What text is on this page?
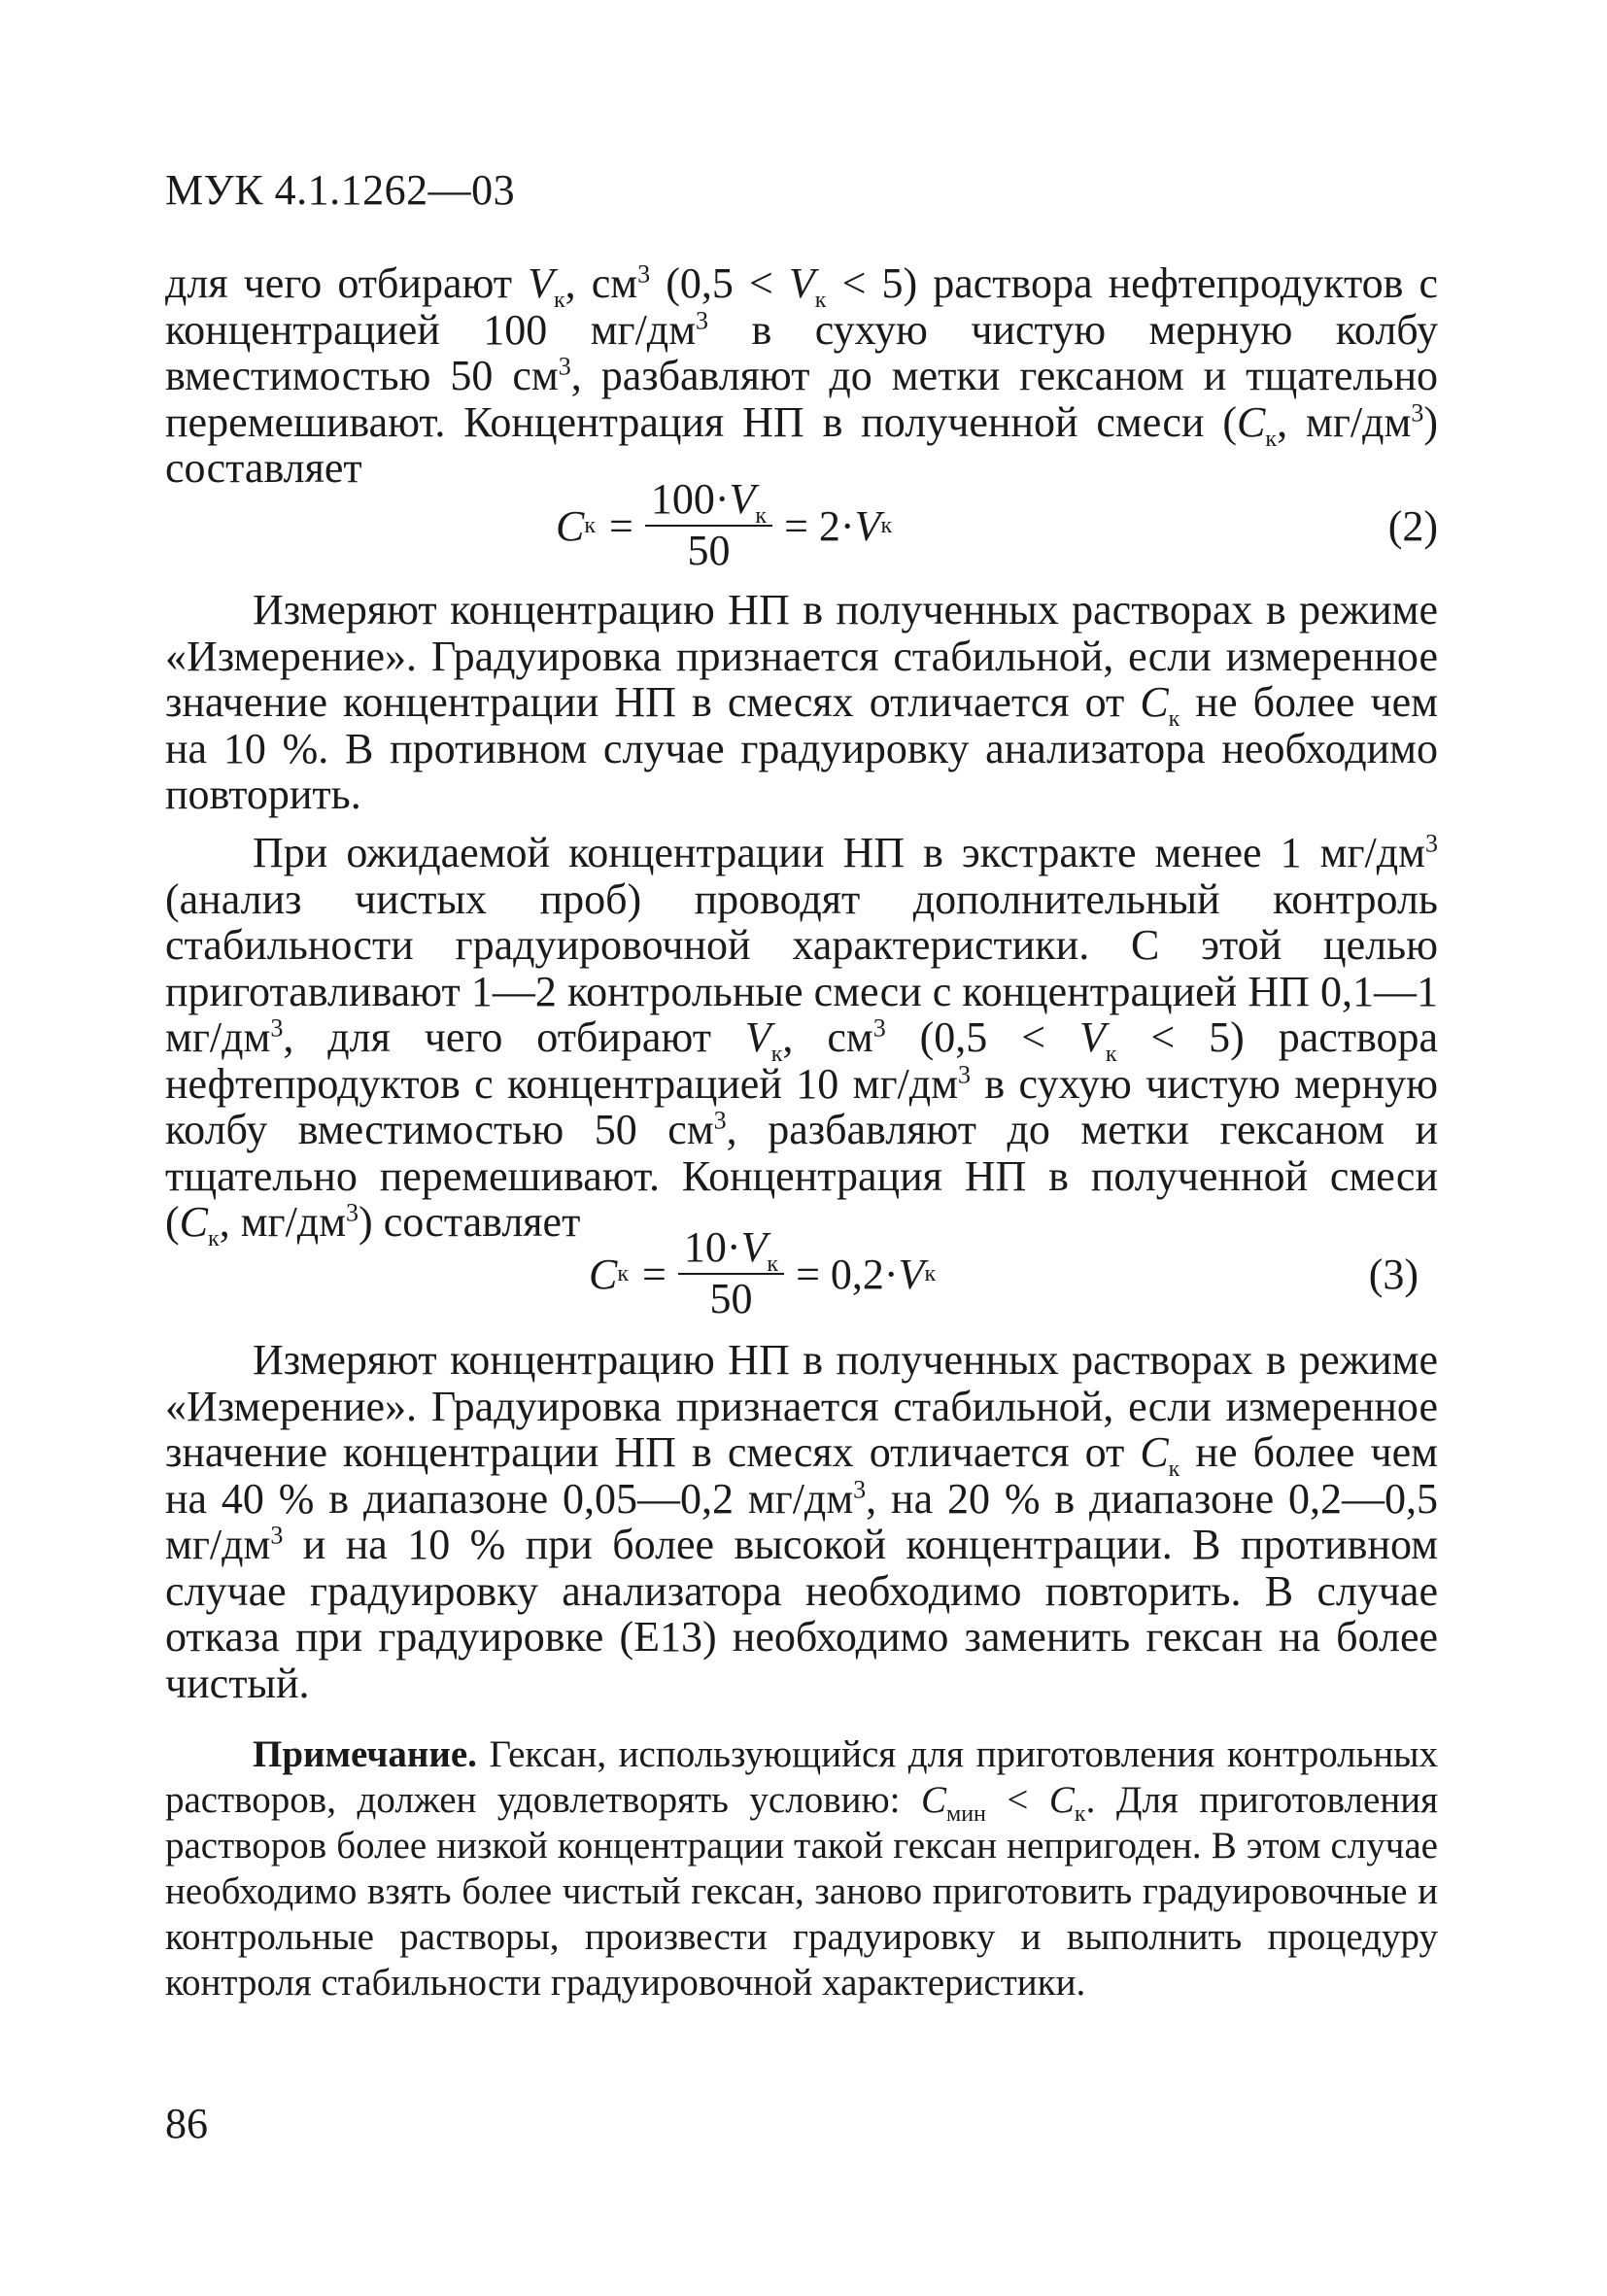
МУК 4.1.1262—03

для чего отбирают $V_к$, $см^3$ $(0,5 < V_к < 5)$ раствора нефтепродуктов с концентрацией 100 $мг/дм^3$ в сухую чистую мерную колбу вместимостью 50 $см^3$, разбавляют до метки гексаном и тщательно перемешивают. Концентрация НП в полученной смеси ($С_к$, $мг/дм^3$) составляет

С $к = \frac{100\cdot V_к}{50} = 2\cdot V$ к	(2)

Измеряют концентрацию НП в полученных растворах в режиме «Измерение». Градуировка признается стабильной, если измеренное значение концентрации НП в смесях отличается от $С_к$ не более чем на 10 %. В противном случае градуировку анализатора необходимо повторить.

При ожидаемой концентрации НП в экстракте менее 1 $мг/дм^3$ (анализ чистых проб) проводят дополнительный контроль стабильности градуировочной характеристики. С этой целью приготавливают 1—2 контрольные смеси с концентрацией НП 0,1—1 $мг/дм^3$, для чего отбирают $V_к$, $см^3$ $(0,5 < V_к < 5)$ раствора нефтепродуктов с концентрацией 10 $мг/дм^3$ в сухую чистую мерную колбу вместимостью 50 $см^3$, разбавляют до метки гексаном и тщательно перемешивают. Концентрация НП в полученной смеси ($С_к$, $мг/дм^3$) составляет

С $к = \frac{10\cdot V_к}{50} = 0,2\cdot V$ к	(3)

Измеряют концентрацию НП в полученных растворах в режиме «Измерение». Градуировка признается стабильной, если измеренное значение концентрации НП в смесях отличается от $С_к$ не более чем на 40 % в диапазоне 0,05—0,2 $мг/дм^3$, на 20 % в диапазоне 0,2—0,5 $мг/дм^3$ и на 10 % при более высокой концентрации. В противном случае градуировку анализатора необходимо повторить. В случае отказа при градуировке (Е13) необходимо заменить гексан на более чистый.

Примечание. Гексан, использующийся для приготовления контрольных растворов, должен удовлетворять условию: $С_{мин} < С_к$. Для приготовления растворов более низкой концентрации такой гексан непригоден. В этом случае необходимо взять более чистый гексан, заново приготовить градуировочные и контрольные растворы, произвести градуировку и выполнить процедуру контроля стабильности градуировочной характеристики.

86
